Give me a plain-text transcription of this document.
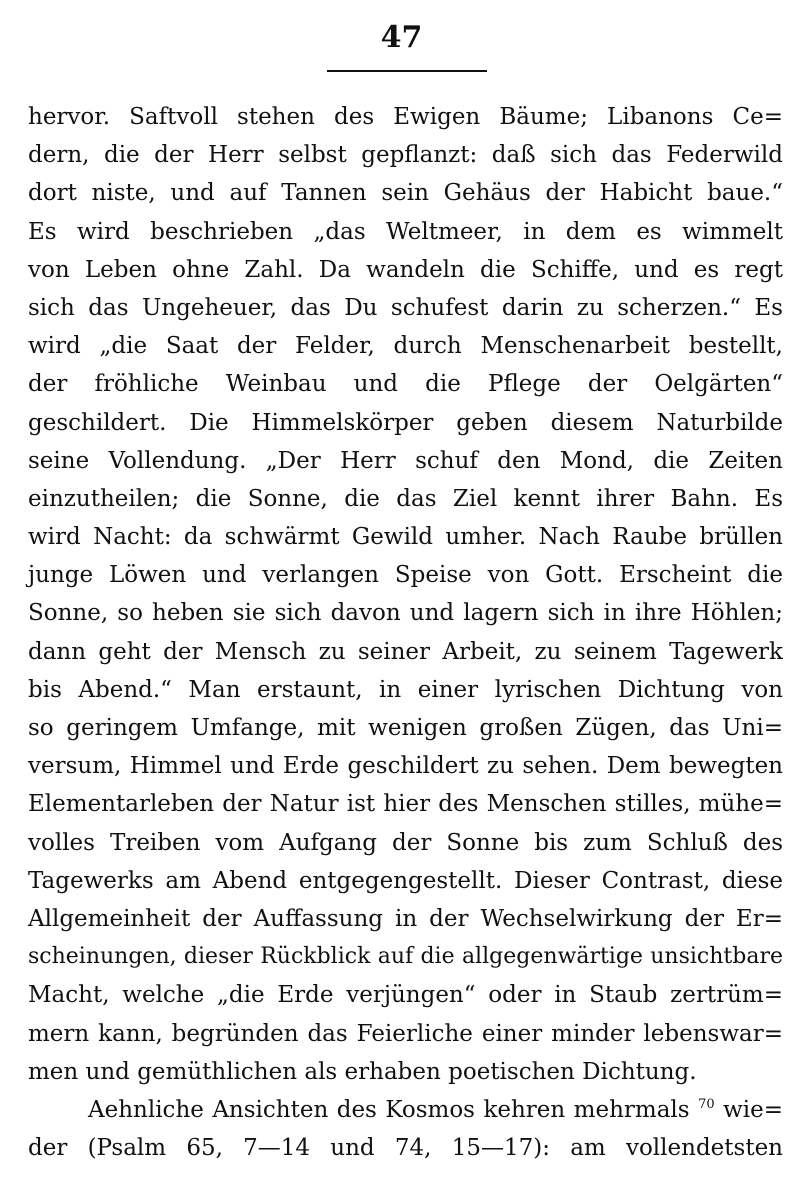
47
hervor. Saftvoll stehen des Ewigen Bäume; Libanons Ce=
dern, die der Herr selbst gepflanzt: daß sich das Federwild
dort niste, und auf Tannen sein Gehäus der Habicht baue.“
Es wird beschrieben „das Weltmeer, in dem es wimmelt
von Leben ohne Zahl. Da wandeln die Schiffe, und es regt
sich das Ungeheuer, das Du schufest darin zu scherzen.“ Es
wird „die Saat der Felder, durch Menschenarbeit bestellt,
der fröhliche Weinbau und die Pflege der Oelgärten“
geschildert. Die Himmelskörper geben diesem Naturbilde
seine Vollendung. „Der Herr schuf den Mond, die Zeiten
einzutheilen; die Sonne, die das Ziel kennt ihrer Bahn. Es
wird Nacht: da schwärmt Gewild umher. Nach Raube brüllen
junge Löwen und verlangen Speise von Gott. Erscheint die
Sonne, so heben sie sich davon und lagern sich in ihre Höhlen;
dann geht der Mensch zu seiner Arbeit, zu seinem Tagewerk
bis Abend.“ Man erstaunt, in einer lyrischen Dichtung von
so geringem Umfange, mit wenigen großen Zügen, das Uni=
versum, Himmel und Erde geschildert zu sehen. Dem bewegten
Elementarleben der Natur ist hier des Menschen stilles, mühe=
volles Treiben vom Aufgang der Sonne bis zum Schluß des
Tagewerks am Abend entgegengestellt. Dieser Contrast, diese
Allgemeinheit der Auffassung in der Wechselwirkung der Er=
scheinungen, dieser Rückblick auf die allgegenwärtige unsichtbare
Macht, welche „die Erde verjüngen“ oder in Staub zertrüm=
mern kann, begründen das Feierliche einer minder lebenswar=
men und gemüthlichen als erhaben poetischen Dichtung.
Aehnliche Ansichten des Kosmos kehren mehrmals $^{70}$ wie=
der (Psalm 65, 7—14 und 74, 15—17): am vollendetsten
